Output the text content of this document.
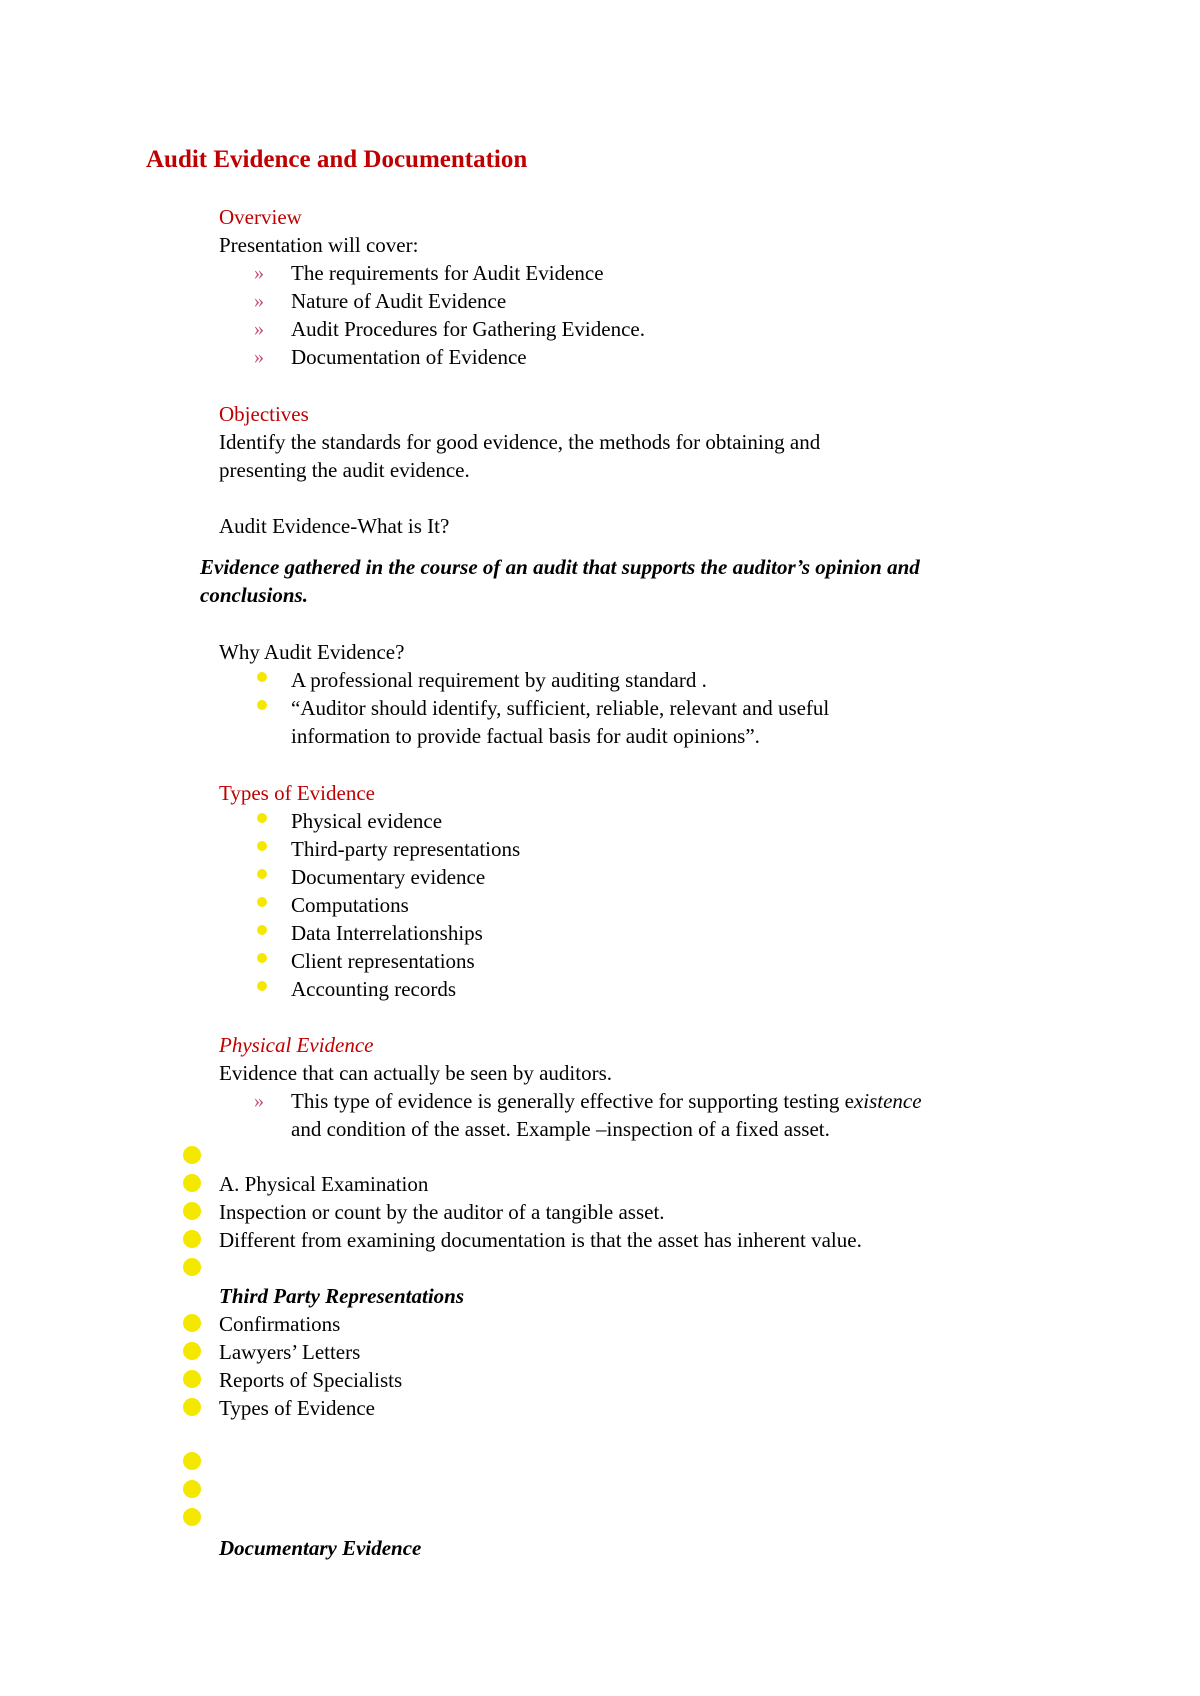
Audit Evidence and Documentation
Overview
Presentation will cover:
» The requirements for Audit Evidence
» Nature of Audit Evidence
» Audit Procedures for Gathering Evidence.
» Documentation of Evidence
Objectives
Identify the standards for good evidence, the methods for obtaining and
presenting the audit evidence.
Audit Evidence-What is It?
Evidence gathered in the course of an audit that supports the auditor’s opinion and
conclusions.
Why Audit Evidence?
A professional requirement by auditing standard .
“Auditor should identify, sufficient, reliable, relevant and useful
information to provide factual basis for audit opinions”.
Types of Evidence
Physical evidence
Third-party representations
Documentary evidence
Computations
Data Interrelationships
Client representations
Accounting records
Physical Evidence
Evidence that can actually be seen by auditors.
» This type of evidence is generally effective for supporting testing existence
and condition of the asset. Example –inspection of a fixed asset.
A. Physical Examination
Inspection or count by the auditor of a tangible asset.
Different from examining documentation is that the asset has inherent value.
Third Party Representations
Confirmations
Lawyers’ Letters
Reports of Specialists
Types of Evidence
Documentary Evidence
